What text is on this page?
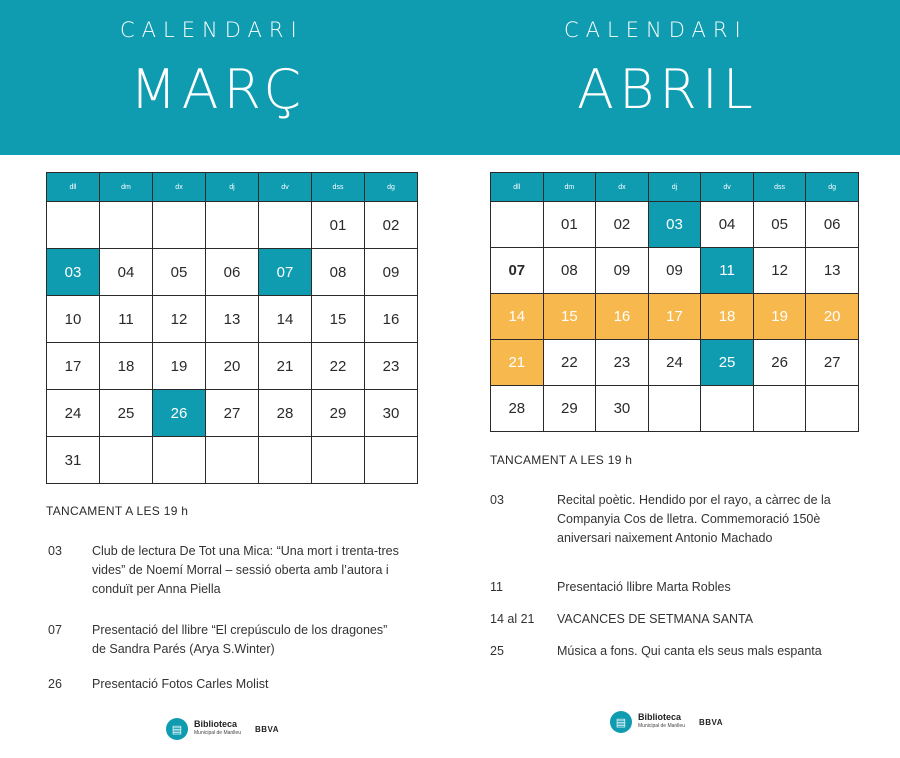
CALENDARI
MARÇ
CALENDARI
ABRIL
dll	dm	dx	dj	dv	dss	dg
					01	02
03	04	05	06	07	08	09
10	11	12	13	14	15	16
17	18	19	20	21	22	23
24	25	26	27	28	29	30
31						
TANCAMENT A LES 19 h
03 Club de lectura De Tot una Mica: “Una mort i trenta-tres vides” de Noemí Morral – sessió oberta amb l’autora i conduït per Anna Piella
07 Presentació del llibre “El crepúsculo de los dragones” de Sandra Parés (Arya S.Winter)
26 Presentació Fotos Carles Molist
dll	dm	dx	dj	dv	dss	dg
	01	02	03	04	05	06
07	08	09	09	11	12	13
14	15	16	17	18	19	20
21	22	23	24	25	26	27
28	29	30				
TANCAMENT A LES 19 h
03	Recital poètic. Hendido por el rayo, a càrrec de la Companyia Cos de lletra. Commemoració 150è aniversari naixement Antonio Machado
11	Presentació llibre Marta Robles
14 al 21 VACANCES DE SETMANA SANTA
25	Música a fons. Qui canta els seus mals espanta
▤	Biblioteca
Municipal de Manlleu BBVA
▤	Biblioteca
Municipal de Manlleu BBVA
